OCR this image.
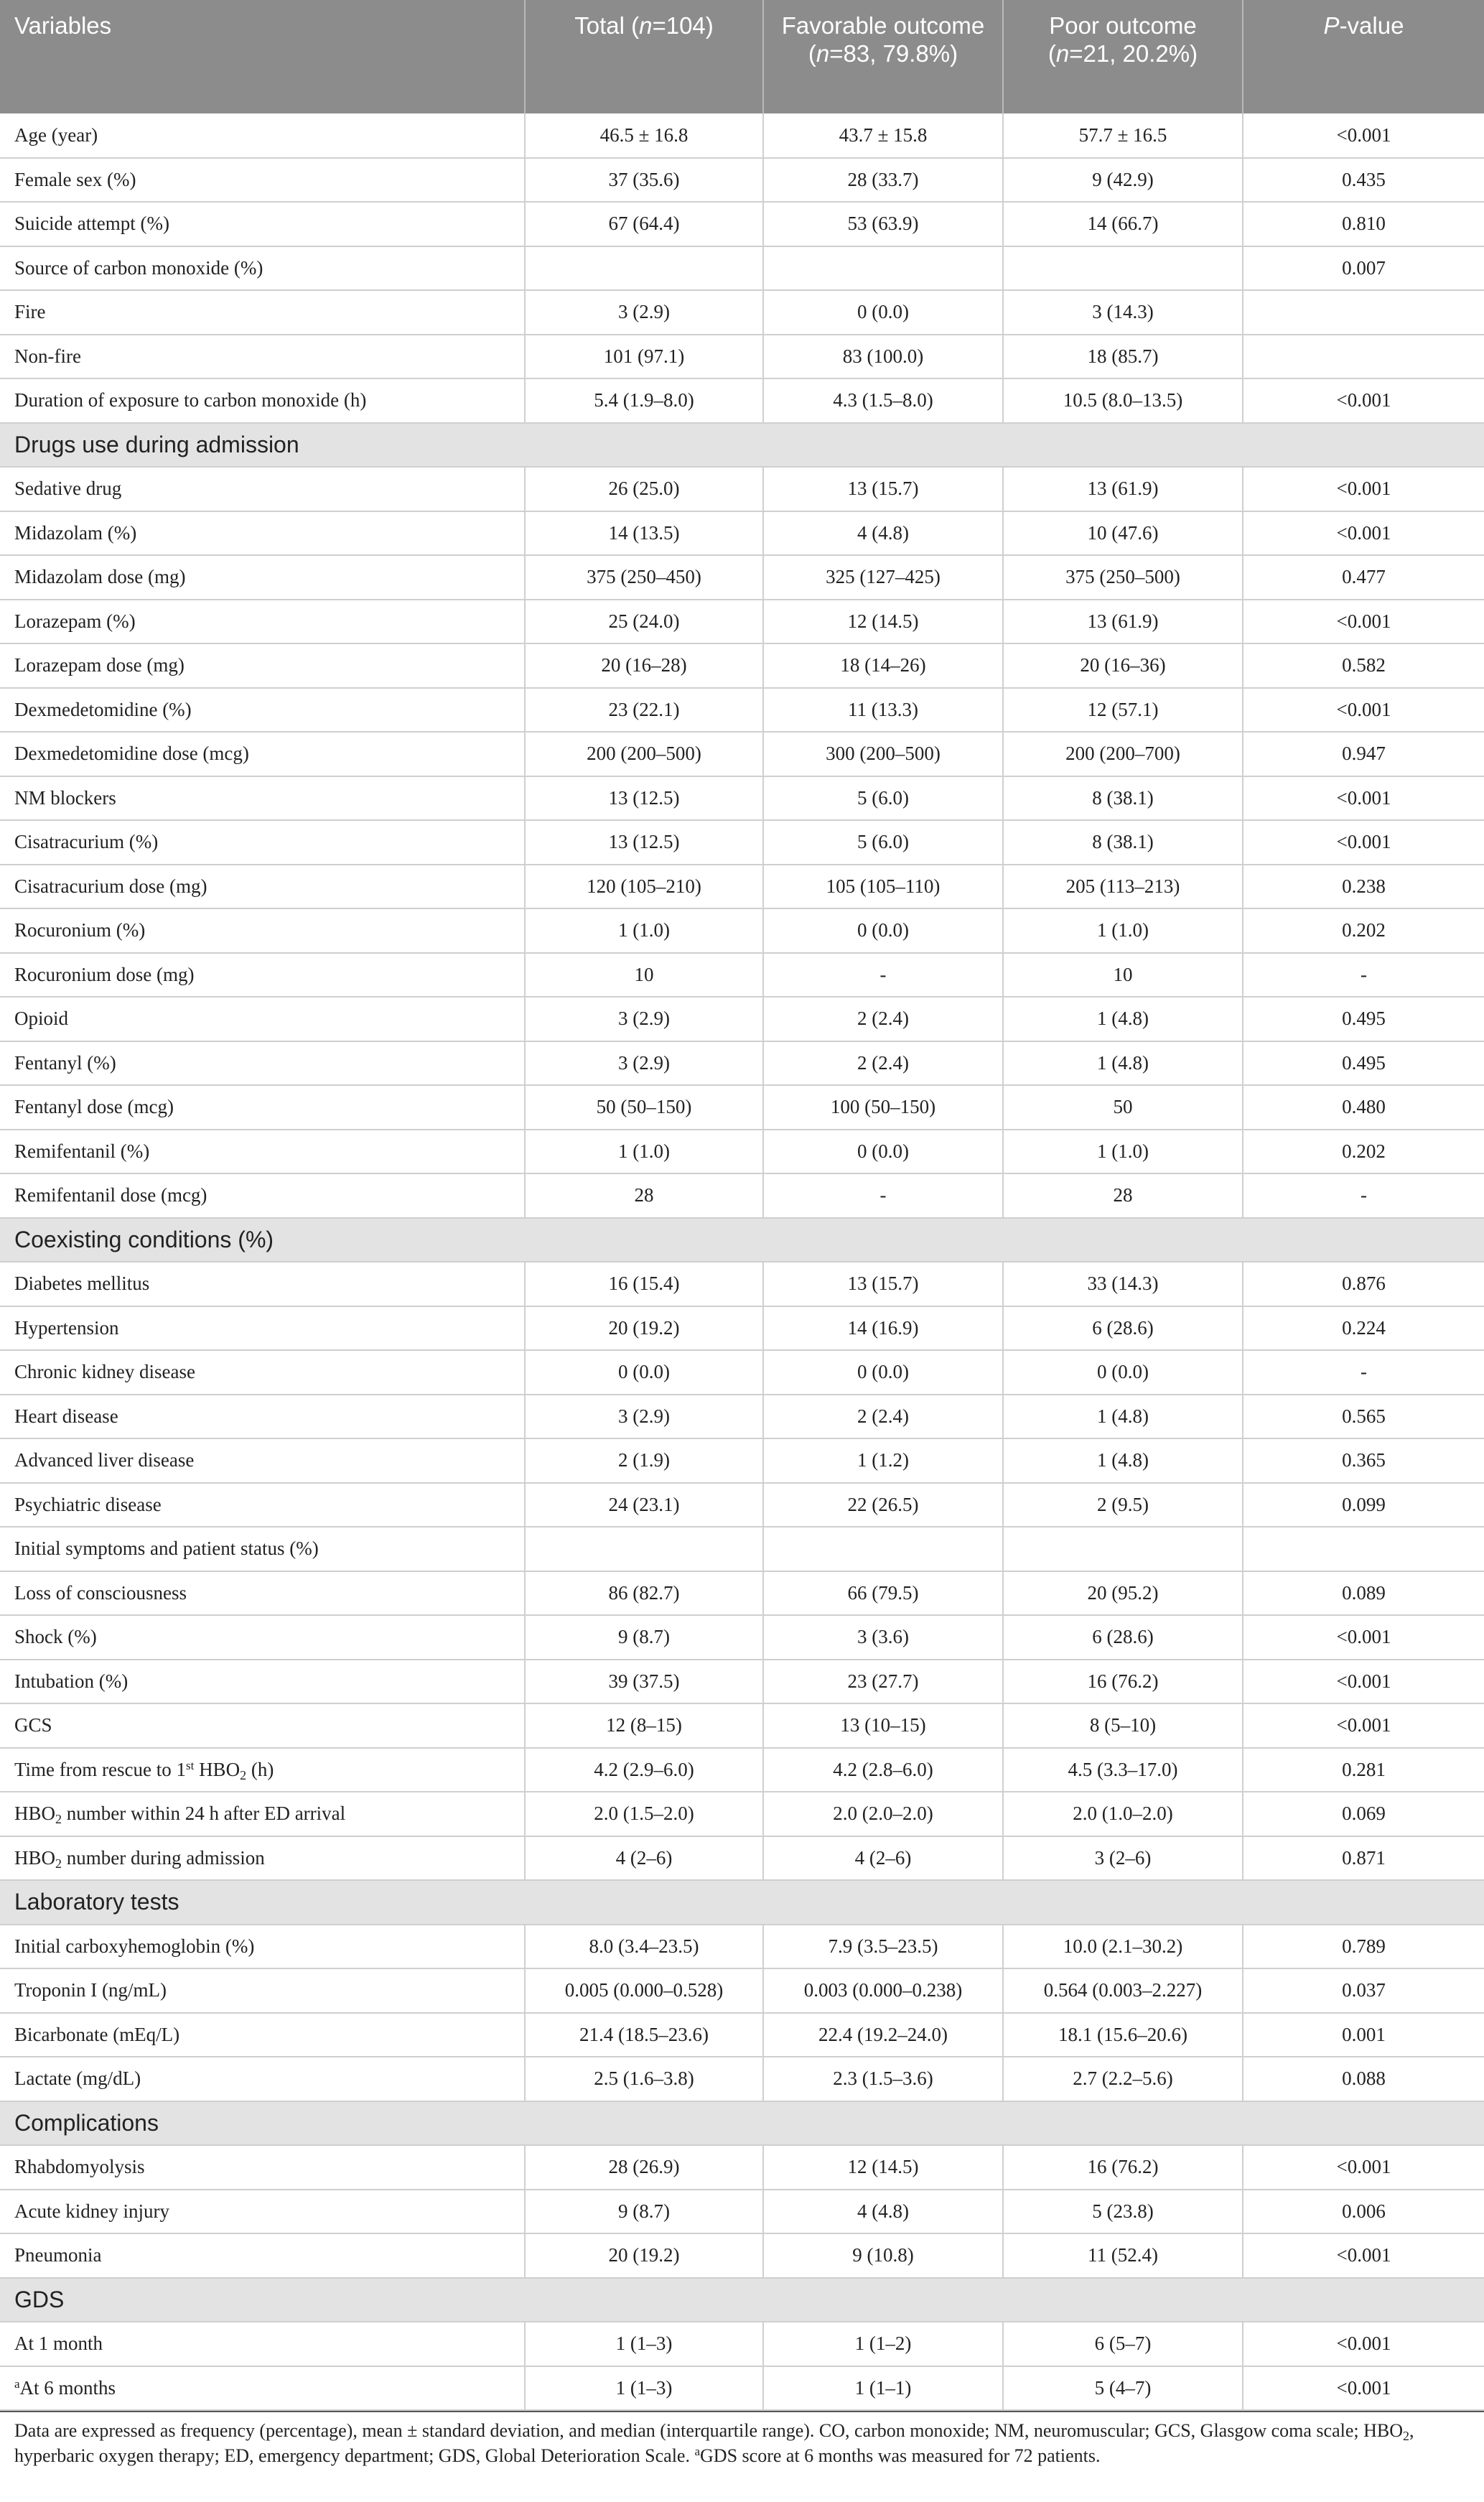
Variables	Total (n=104)	Favorable outcome (n=83, 79.8%)	Poor outcome (n=21, 20.2%)	P-value
Age (year)	46.5 ± 16.8	43.7 ± 15.8	57.7 ± 16.5	<0.001
Female sex (%)	37 (35.6)	28 (33.7)	9 (42.9)	0.435
Suicide attempt (%)	67 (64.4)	53 (63.9)	14 (66.7)	0.810
Source of carbon monoxide (%)				0.007
Fire	3 (2.9)	0 (0.0)	3 (14.3)	
Non-fire	101 (97.1)	83 (100.0)	18 (85.7)	
Duration of exposure to carbon monoxide (h)	5.4 (1.9–8.0)	4.3 (1.5–8.0)	10.5 (8.0–13.5)	<0.001
Drugs use during admission				
Sedative drug	26 (25.0)	13 (15.7)	13 (61.9)	<0.001
Midazolam (%)	14 (13.5)	4 (4.8)	10 (47.6)	<0.001
Midazolam dose (mg)	375 (250–450)	325 (127–425)	375 (250–500)	0.477
Lorazepam (%)	25 (24.0)	12 (14.5)	13 (61.9)	<0.001
Lorazepam dose (mg)	20 (16–28)	18 (14–26)	20 (16–36)	0.582
Dexmedetomidine (%)	23 (22.1)	11 (13.3)	12 (57.1)	<0.001
Dexmedetomidine dose (mcg)	200 (200–500)	300 (200–500)	200 (200–700)	0.947
NM blockers	13 (12.5)	5 (6.0)	8 (38.1)	<0.001
Cisatracurium (%)	13 (12.5)	5 (6.0)	8 (38.1)	<0.001
Cisatracurium dose (mg)	120 (105–210)	105 (105–110)	205 (113–213)	0.238
Rocuronium (%)	1 (1.0)	0 (0.0)	1 (1.0)	0.202
Rocuronium dose (mg)	10	-	10	-
Opioid	3 (2.9)	2 (2.4)	1 (4.8)	0.495
Fentanyl (%)	3 (2.9)	2 (2.4)	1 (4.8)	0.495
Fentanyl dose (mcg)	50 (50–150)	100 (50–150)	50	0.480
Remifentanil (%)	1 (1.0)	0 (0.0)	1 (1.0)	0.202
Remifentanil dose (mcg)	28	-	28	-
Coexisting conditions (%)				
Diabetes mellitus	16 (15.4)	13 (15.7)	33 (14.3)	0.876
Hypertension	20 (19.2)	14 (16.9)	6 (28.6)	0.224
Chronic kidney disease	0 (0.0)	0 (0.0)	0 (0.0)	-
Heart disease	3 (2.9)	2 (2.4)	1 (4.8)	0.565
Advanced liver disease	2 (1.9)	1 (1.2)	1 (4.8)	0.365
Psychiatric disease	24 (23.1)	22 (26.5)	2 (9.5)	0.099
Initial symptoms and patient status (%)				
Loss of consciousness	86 (82.7)	66 (79.5)	20 (95.2)	0.089
Shock (%)	9 (8.7)	3 (3.6)	6 (28.6)	<0.001
Intubation (%)	39 (37.5)	23 (27.7)	16 (76.2)	<0.001
GCS	12 (8–15)	13 (10–15)	8 (5–10)	<0.001
Time from rescue to 1st $HBO_2$ (h)	4.2 (2.9–6.0)	4.2 (2.8–6.0)	4.5 (3.3–17.0)	0.281
$HBO_2$ number within 24 h after ED arrival	2.0 (1.5–2.0)	2.0 (2.0–2.0)	2.0 (1.0–2.0)	0.069
$HBO_2$ number during admission	4 (2–6)	4 (2–6)	3 (2–6)	0.871
Laboratory tests				
Initial carboxyhemoglobin (%)	8.0 (3.4–23.5)	7.9 (3.5–23.5)	10.0 (2.1–30.2)	0.789
Troponin I (ng/mL)	0.005 (0.000–0.528)	0.003 (0.000–0.238)	0.564 (0.003–2.227)	0.037
Bicarbonate (mEq/L)	21.4 (18.5–23.6)	22.4 (19.2–24.0)	18.1 (15.6–20.6)	0.001
Lactate (mg/dL)	2.5 (1.6–3.8)	2.3 (1.5–3.6)	2.7 (2.2–5.6)	0.088
Complications				
Rhabdomyolysis	28 (26.9)	12 (14.5)	16 (76.2)	<0.001
Acute kidney injury	9 (8.7)	4 (4.8)	5 (23.8)	0.006
Pneumonia	20 (19.2)	9 (10.8)	11 (52.4)	<0.001
GDS				
At 1 month	1 (1–3)	1 (1–2)	6 (5–7)	<0.001
$^a$At 6 months	1 (1–3)	1 (1–1)	5 (4–7)	<0.001
Data are expressed as frequency (percentage), mean ± standard deviation, and median (interquartile range). CO, carbon monoxide; NM, neuromuscular; GCS, Glasgow coma scale; $HBO_2$, hyperbaric oxygen therapy; ED, emergency department; GDS, Global Deterioration Scale. $^a$GDS score at 6 months was measured for 72 patients.
